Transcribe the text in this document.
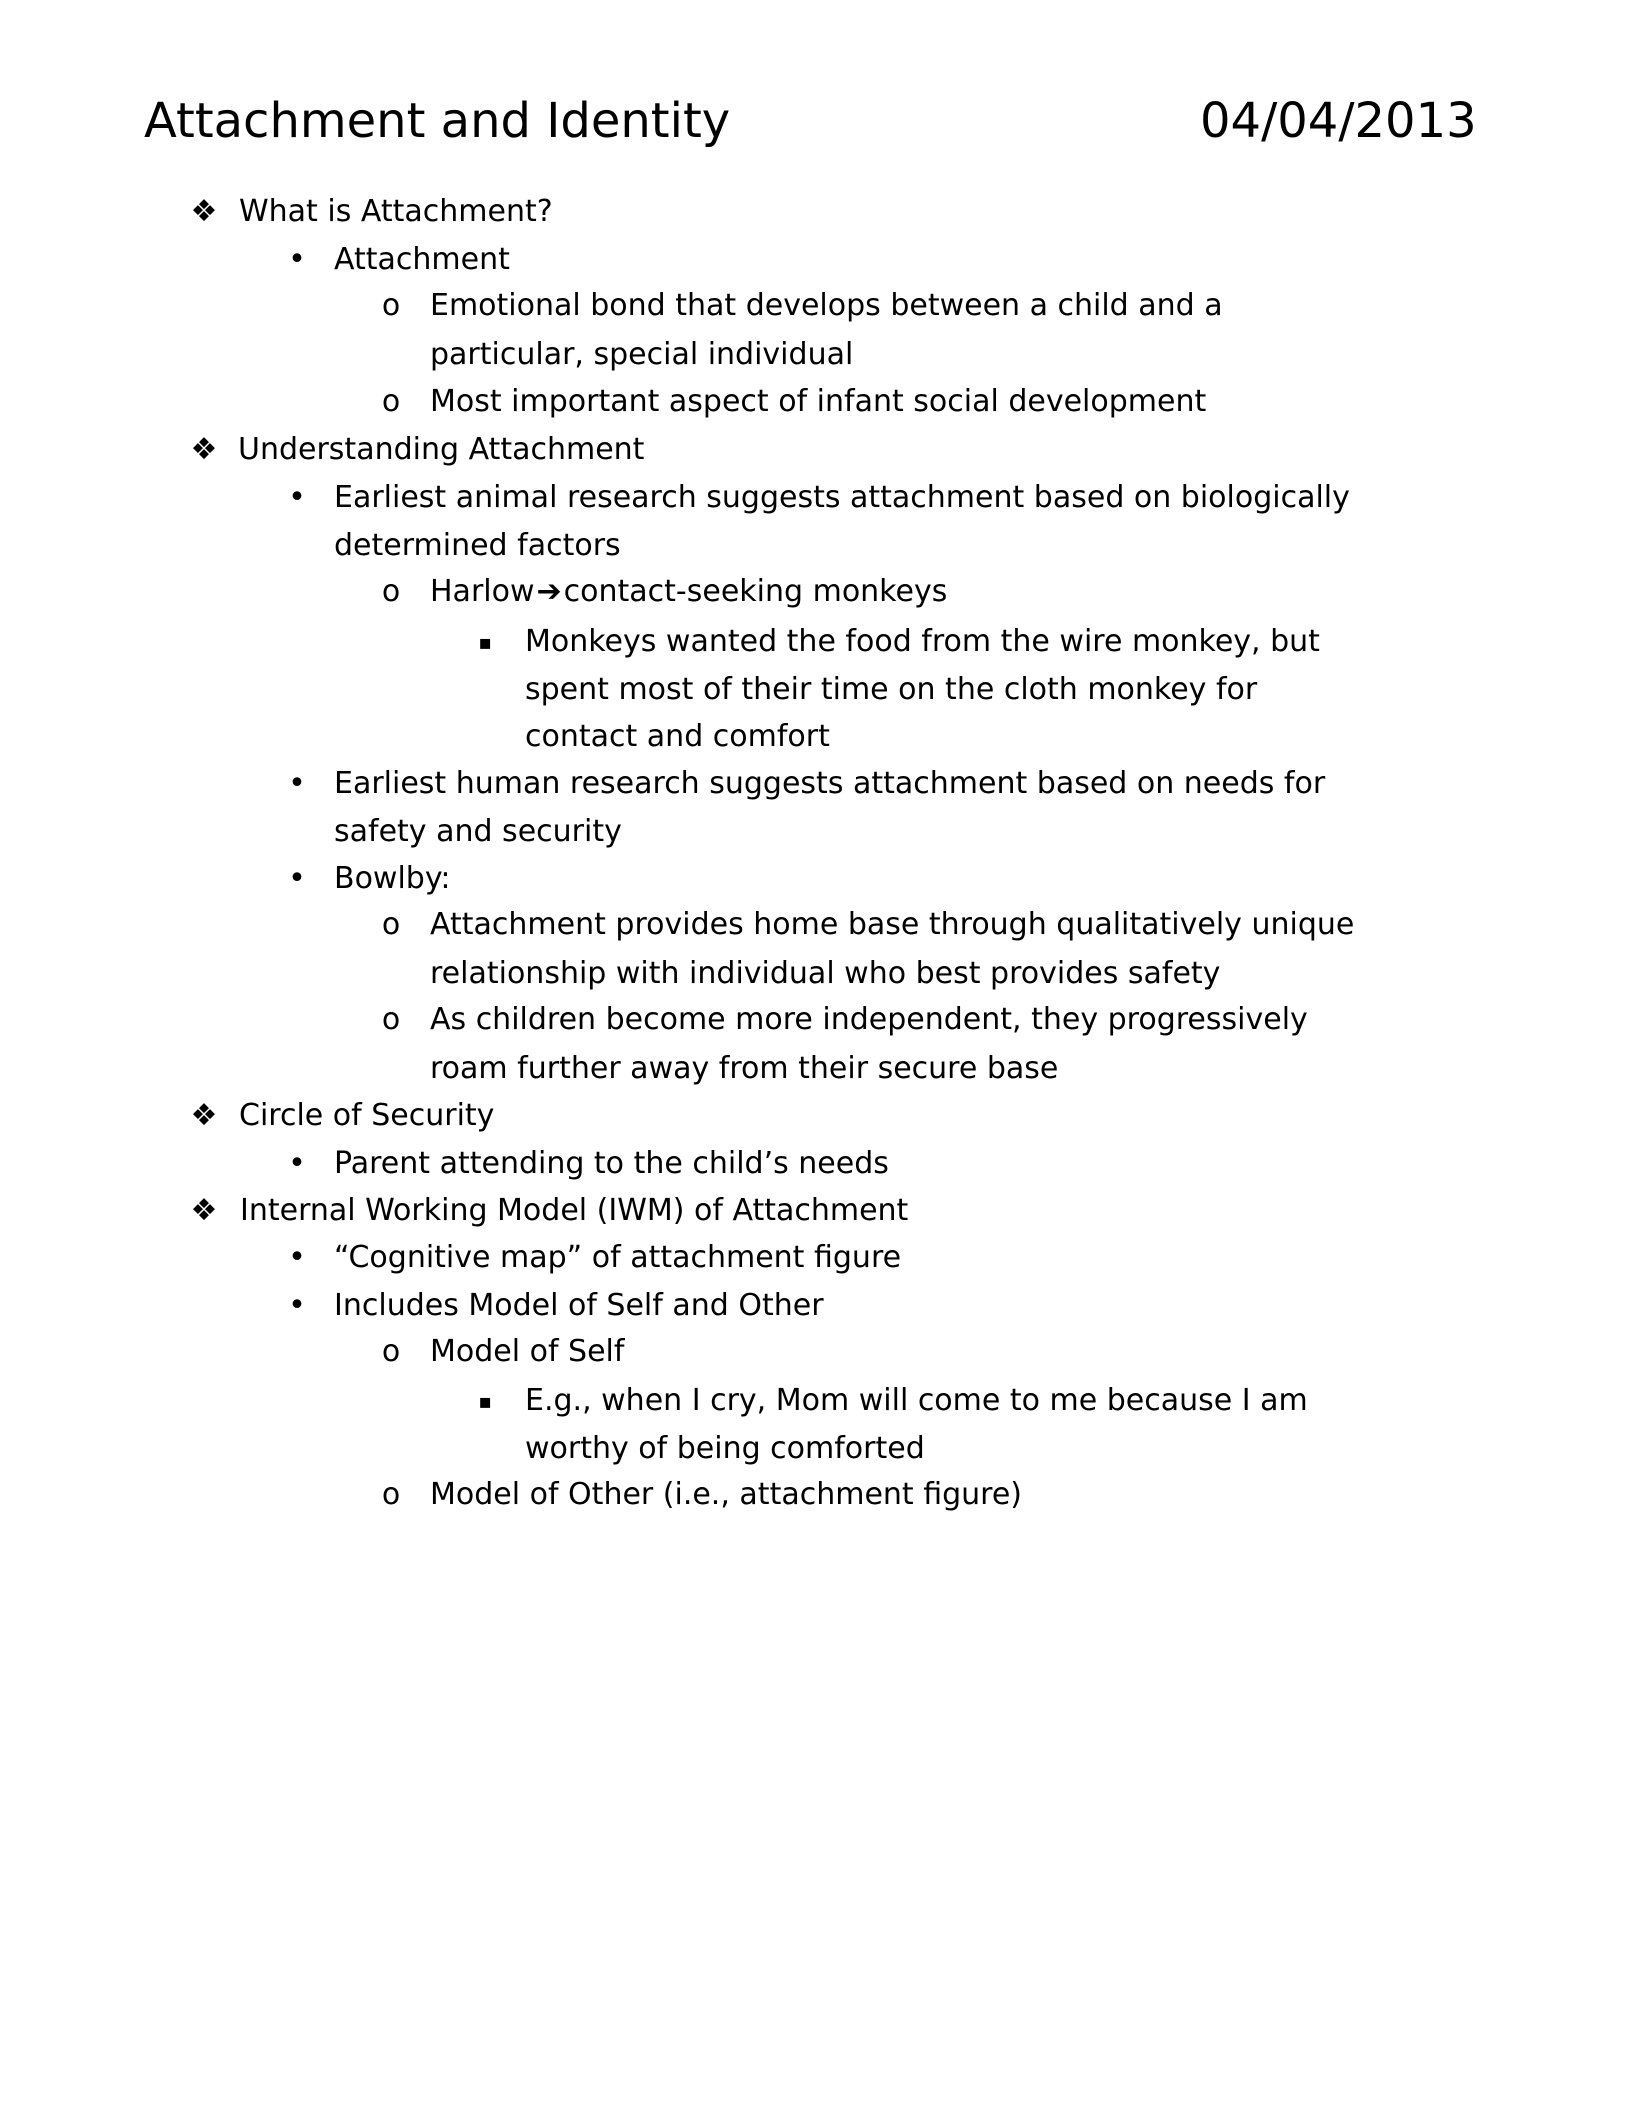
Attachment and Identity	04/04/2013
❖ What is Attachment?
• Attachment
o Emotional bond that develops between a child and a
particular, special individual
o Most important aspect of infant social development
❖ Understanding Attachment
• Earliest animal research suggests attachment based on biologically
determined factors
o Harlow➔contact-seeking monkeys
▪ Monkeys wanted the food from the wire monkey, but
spent most of their time on the cloth monkey for
contact and comfort
• Earliest human research suggests attachment based on needs for
safety and security
• Bowlby:
o Attachment provides home base through qualitatively unique
relationship with individual who best provides safety
o As children become more independent, they progressively
roam further away from their secure base
❖ Circle of Security
• Parent attending to the child’s needs
❖ Internal Working Model (IWM) of Attachment
• “Cognitive map” of attachment figure
• Includes Model of Self and Other
o Model of Self
▪ E.g., when I cry, Mom will come to me because I am
worthy of being comforted
o Model of Other (i.e., attachment figure)
